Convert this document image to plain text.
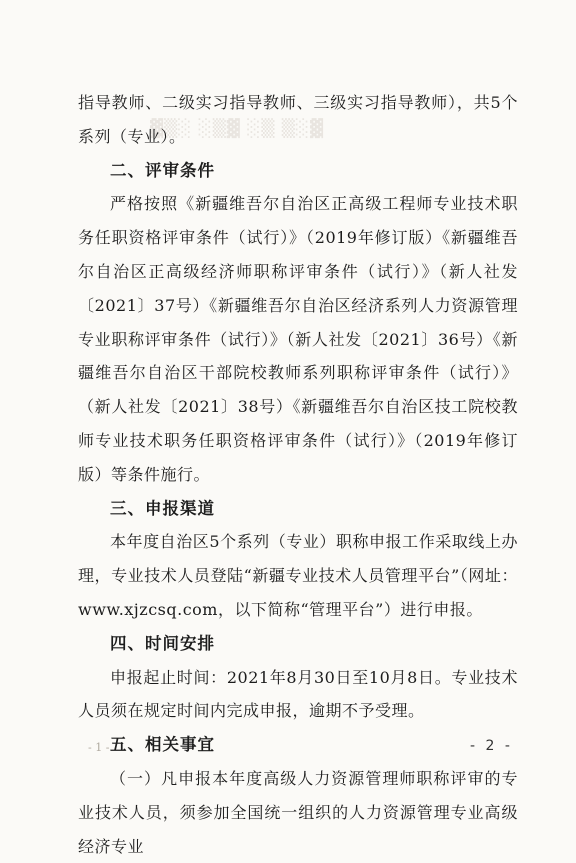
▓▒░ ░▒▓ ░▒ ▒░▓

指导教师、二级实习指导教师、三级实习指导教师），共5个系列（专业）。

二、评审条件

严格按照《新疆维吾尔自治区正高级工程师专业技术职务任职资格评审条件（试行）》（2019年修订版）《新疆维吾尔自治区正高级经济师职称评审条件（试行）》（新人社发〔2021〕37号）《新疆维吾尔自治区经济系列人力资源管理专业职称评审条件（试行）》（新人社发〔2021〕36号）《新疆维吾尔自治区干部院校教师系列职称评审条件（试行）》（新人社发〔2021〕38号）《新疆维吾尔自治区技工院校教师专业技术职务任职资格评审条件（试行）》（2019年修订版）等条件施行。

三、申报渠道

本年度自治区5个系列（专业）职称申报工作采取线上办理，专业技术人员登陆“新疆专业技术人员管理平台”（网址：www.xjzcsq.com，以下简称“管理平台”）进行申报。

四、时间安排

申报起止时间：2021年8月30日至10月8日。专业技术人员须在规定时间内完成申报，逾期不予受理。

五、相关事宜

（一）凡申报本年度高级人力资源管理师职称评审的专业技术人员，须参加全国统一组织的人力资源管理专业高级经济专业

- 1 -	- 2 -
